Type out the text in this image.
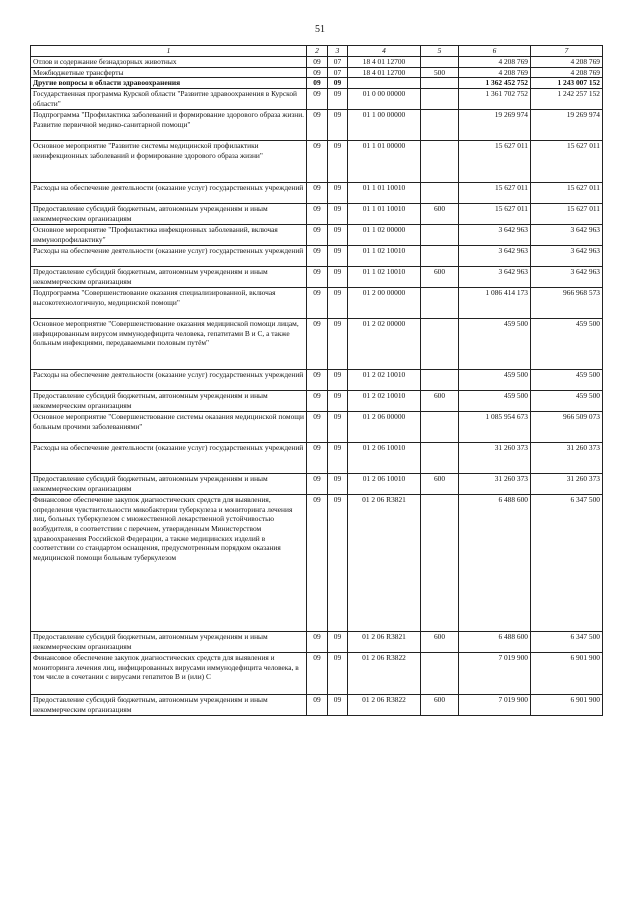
51
1	2	3	4	5	6	7
Отлов и содержание безнадзорных животных	09	07	18 4 01 12700		4 208 769	4 208 769
Межбюджетные трансферты	09	07	18 4 01 12700	500	4 208 769	4 208 769
Другие вопросы в области здравоохранения	09	09			1 362 452 752	1 243 007 152
Государственная программа Курской области "Развитие здравоохранения в Курской области"	09	09	01 0 00 00000		1 361 702 752	1 242 257 152
Подпрограмма "Профилактика заболеваний и формирование здорового образа жизни. Развитие первичной медико-санитарной помощи"	09	09	01 1 00 00000		19 269 974	19 269 974
Основное мероприятие "Развитие системы медицинской профилактики неинфекционных заболеваний и формирование здорового образа жизни"	09	09	01 1 01 00000		15 627 011	15 627 011
Расходы на обеспечение деятельности (оказание услуг) государственных учреждений	09	09	01 1 01 10010		15 627 011	15 627 011
Предоставление субсидий бюджетным, автономным учреждениям и иным некоммерческим организациям	09	09	01 1 01 10010	600	15 627 011	15 627 011
Основное мероприятие "Профилактика инфекционных заболеваний, включая иммунопрофилактику"	09	09	01 1 02 00000		3 642 963	3 642 963
Расходы на обеспечение деятельности (оказание услуг) государственных учреждений	09	09	01 1 02 10010		3 642 963	3 642 963
Предоставление субсидий бюджетным, автономным учреждениям и иным некоммерческим организациям	09	09	01 1 02 10010	600	3 642 963	3 642 963
Подпрограмма "Совершенствование оказания специализированной, включая высокотехнологичную, медицинской помощи"	09	09	01 2 00 00000		1 086 414 173	966 968 573
Основное мероприятие "Совершенствование оказания медицинской помощи лицам, инфицированным вирусом иммунодефицита человека, гепатитами В и С, а также больным инфекциями, передаваемыми половым путём"	09	09	01 2 02 00000		459 500	459 500
Расходы на обеспечение деятельности (оказание услуг) государственных учреждений	09	09	01 2 02 10010		459 500	459 500
Предоставление субсидий бюджетным, автономным учреждениям и иным некоммерческим организациям	09	09	01 2 02 10010	600	459 500	459 500
Основное мероприятие "Совершенствование системы оказания медицинской помощи больным прочими заболеваниями"	09	09	01 2 06 00000		1 085 954 673	966 509 073
Расходы на обеспечение деятельности (оказание услуг) государственных учреждений	09	09	01 2 06 10010		31 260 373	31 260 373
Предоставление субсидий бюджетным, автономным учреждениям и иным некоммерческим организациям	09	09	01 2 06 10010	600	31 260 373	31 260 373
Финансовое обеспечение закупок диагностических средств для выявления, определения чувствительности микобактерии туберкулеза и мониторинга лечения лиц, больных туберкулезом с множественной лекарственной устойчивостью возбудителя, в соответствии с перечнем, утвержденным Министерством здравоохранения Российской Федерации, а также медицинских изделий в соответствии со стандартом оснащения, предусмотренным порядком оказания медицинской помощи больным туберкулезом	09	09	01 2 06 R3821		6 488 600	6 347 500
Предоставление субсидий бюджетным, автономным учреждениям и иным некоммерческим организациям	09	09	01 2 06 R3821	600	6 488 600	6 347 500
Финансовое обеспечение закупок диагностических средств для выявления и мониторинга лечения лиц, инфицированных вирусами иммунодефицита человека, в том числе в сочетании с вирусами гепатитов В и (или) С	09	09	01 2 06 R3822		7 019 900	6 901 900
Предоставление субсидий бюджетным, автономным учреждениям и иным некоммерческим организациям	09	09	01 2 06 R3822	600	7 019 900	6 901 900
